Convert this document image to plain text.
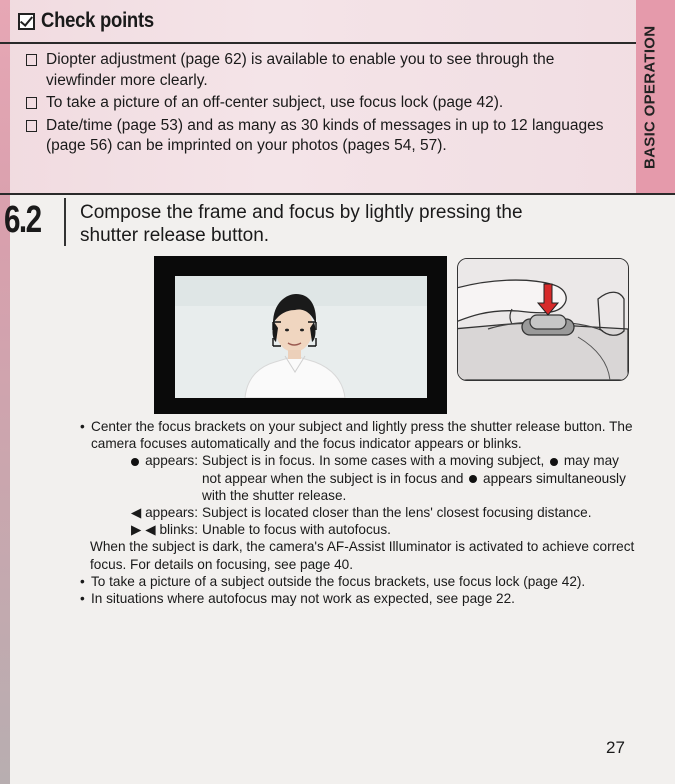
BASIC OPERATION
Check points
Diopter adjustment (page 62) is available to enable you to see through the viewfinder more clearly.
To take a picture of an off-center subject, use focus lock (page 42).
Date/time (page 53) and as many as 30 kinds of messages in up to 12 languages (page 56) can be imprinted on your photos (pages 54, 57).
6.2 Compose the frame and focus by lightly pressing the
shutter release button.
• Center the focus brackets on your subject and lightly press the shutter release button. The camera focuses automatically and the focus indicator appears or blinks.
appears: Subject is in focus. In some cases with a moving subject,  may may not appear when the subject is in focus and appears simultaneously with the shutter release.
◀ appears: Subject is located closer than the lens' closest focusing distance.
▶ ◀ blinks: Unable to focus with autofocus.
When the subject is dark, the camera's AF-Assist Illuminator is activated to achieve correct focus. For details on focusing, see page 40.
• To take a picture of a subject outside the focus brackets, use focus lock (page 42).
• In situations where autofocus may not work as expected, see page 22.
27
